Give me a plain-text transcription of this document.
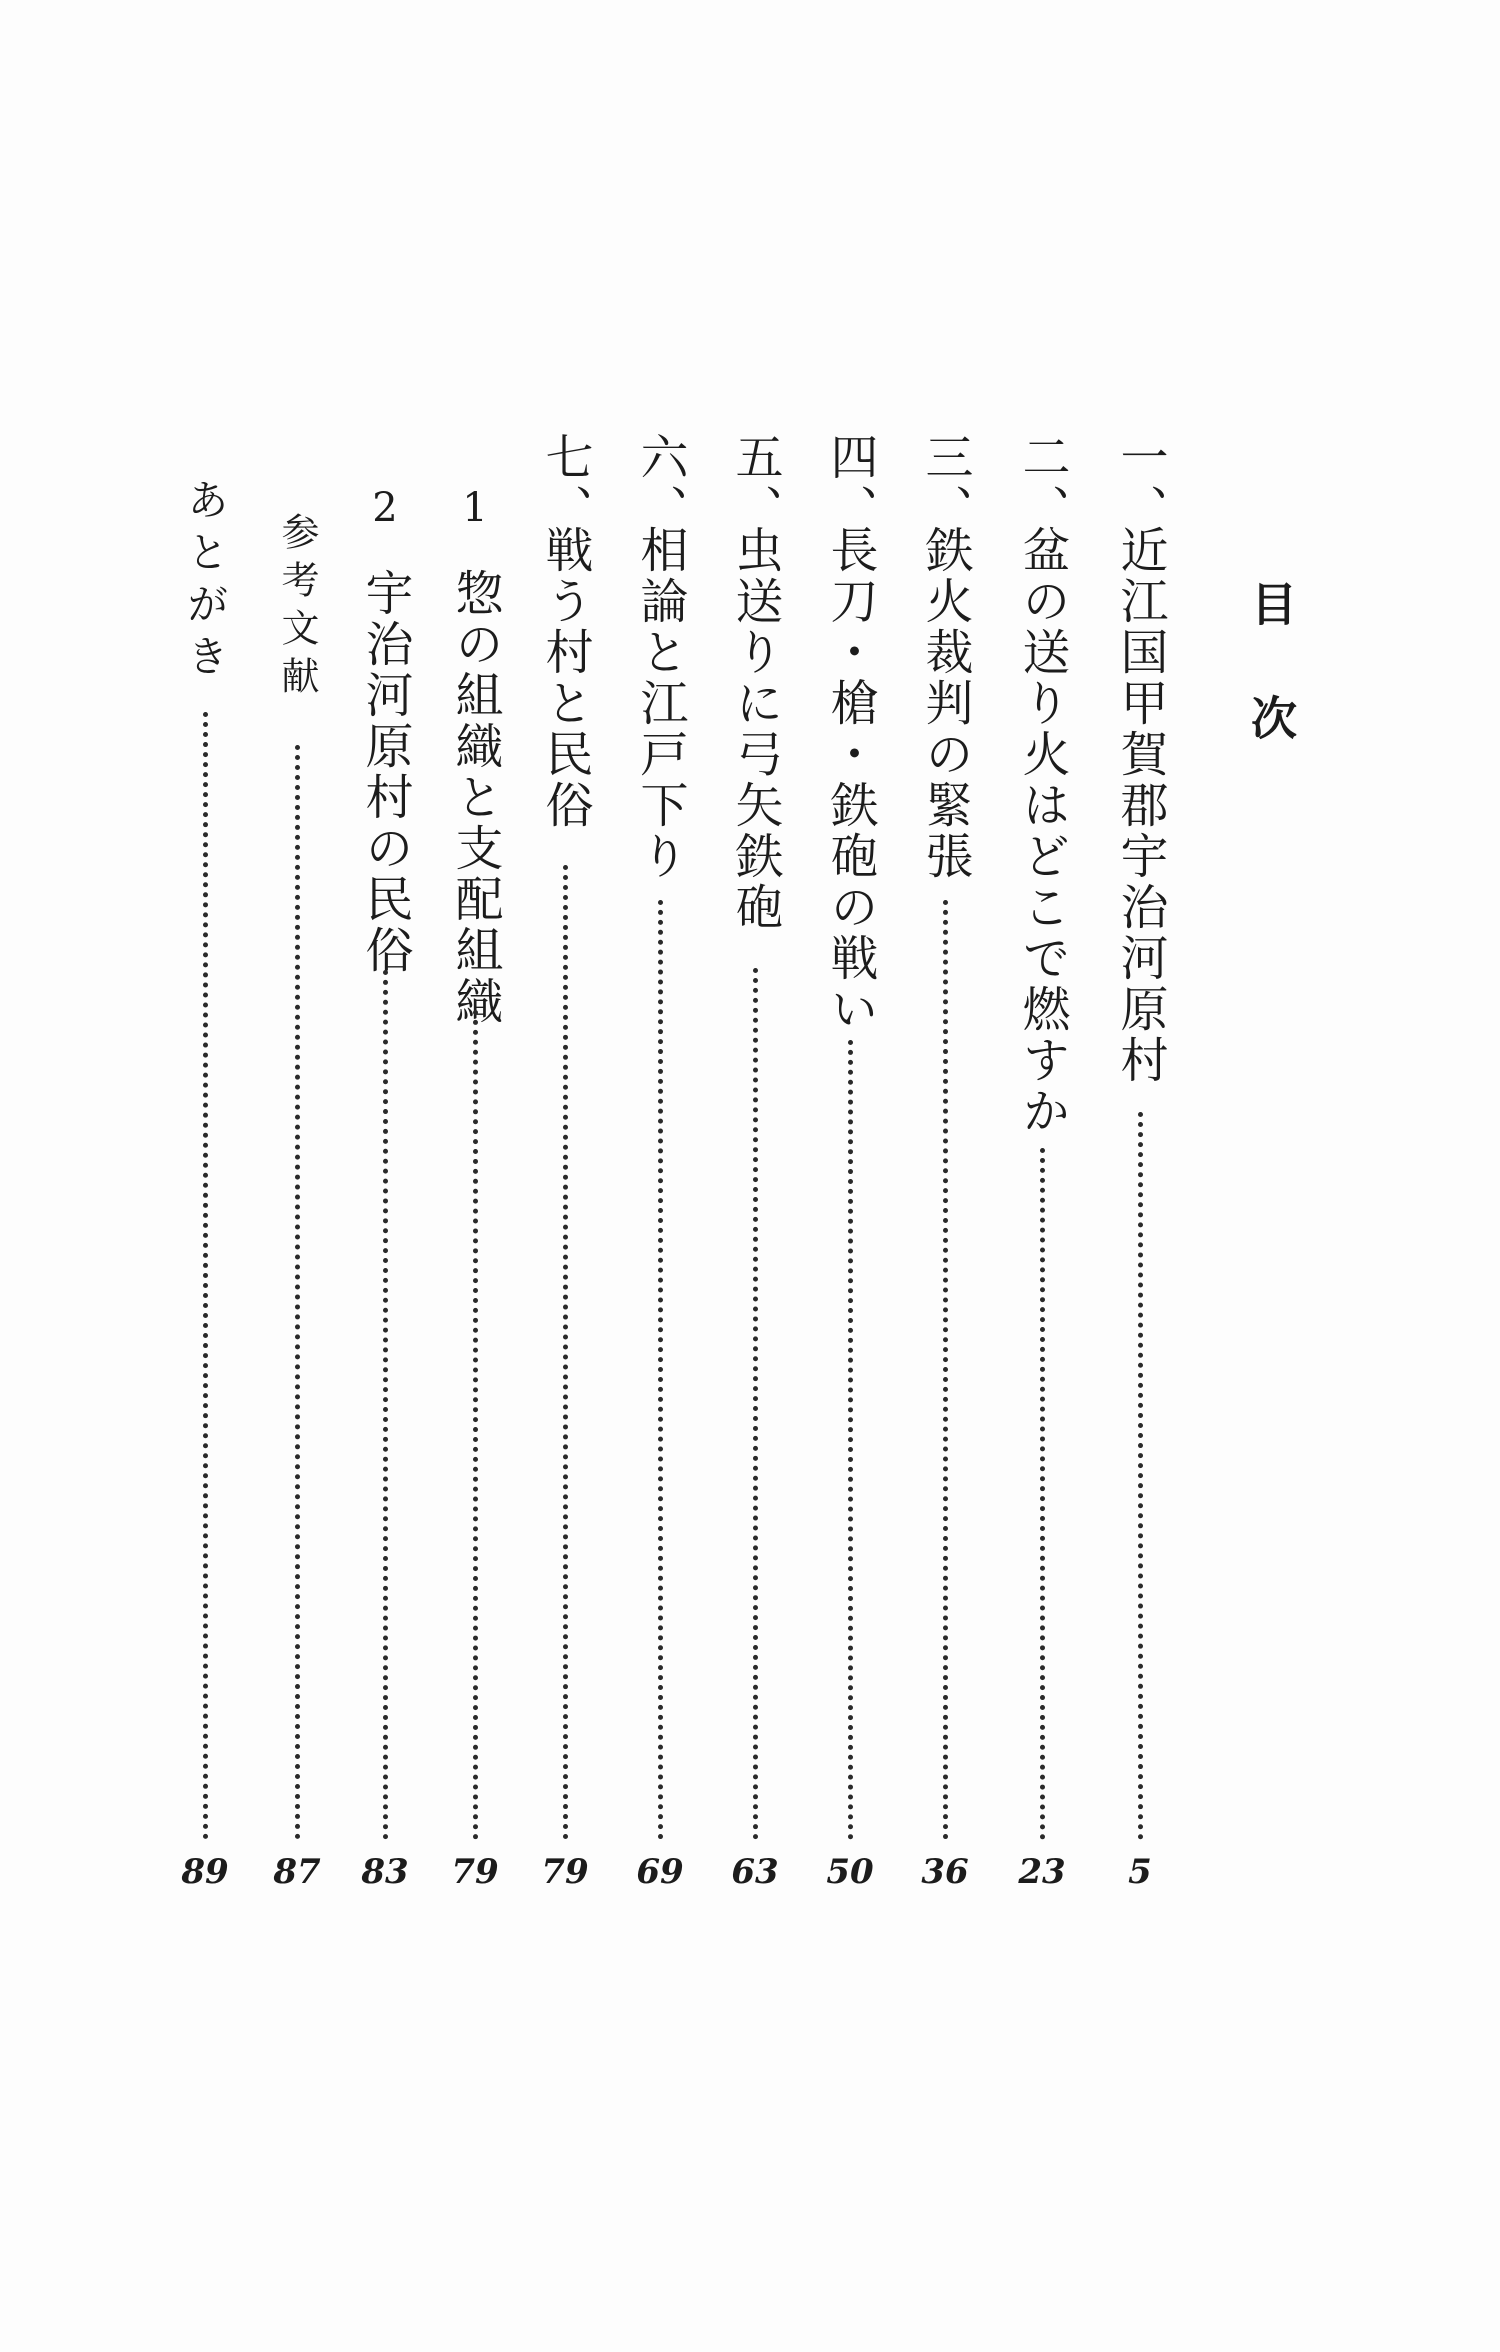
目次
一、
近江国甲賀郡宇治河原村
5
二、
盆の送り火はどこで燃すか
23
三、
鉄火裁判の緊張
36
四、
長刀・槍・鉄砲の戦い
50
五、
虫送りに弓矢鉄砲
63
六、
相論と江戸下り
69
七、
戦う村と民俗
79
1
惣の組織と支配組織
79
2
宇治河原村の民俗
83
参考文献
87
あとがき
89
